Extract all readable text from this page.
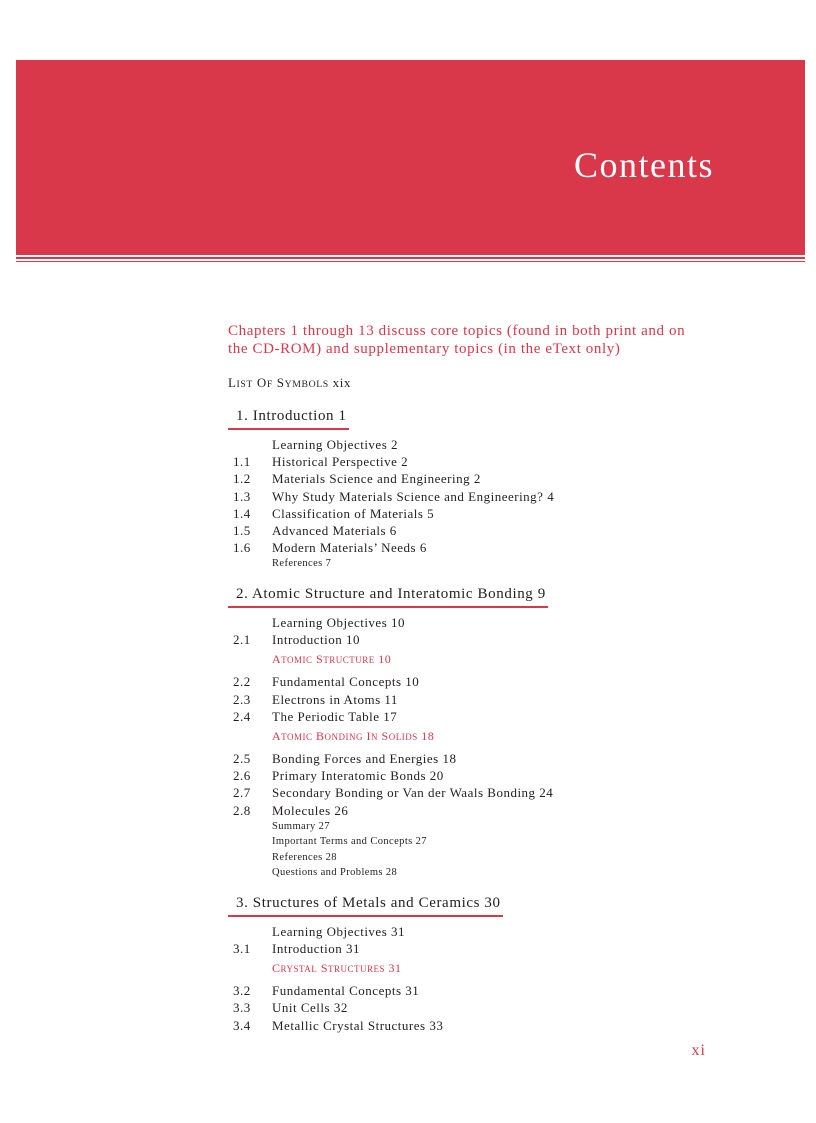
Contents
Chapters 1 through 13 discuss core topics (found in both print and on the CD-ROM) and supplementary topics (in the eText only)
LIST OF SYMBOLS xix
1. Introduction 1
Learning Objectives 2
1.1	Historical Perspective 2
1.2	Materials Science and Engineering 2
1.3	Why Study Materials Science and Engineering? 4
1.4	Classification of Materials 5
1.5	Advanced Materials 6
1.6	Modern Materials’ Needs 6
References 7
2. Atomic Structure and Interatomic Bonding 9
Learning Objectives 10
2.1	Introduction 10
ATOMIC STRUCTURE 10
2.2	Fundamental Concepts 10
2.3	Electrons in Atoms 11
2.4	The Periodic Table 17
ATOMIC BONDING IN SOLIDS 18
2.5	Bonding Forces and Energies 18
2.6	Primary Interatomic Bonds 20
2.7	Secondary Bonding or Van der Waals Bonding 24
2.8	Molecules 26
Summary 27
Important Terms and Concepts 27
References 28
Questions and Problems 28
3. Structures of Metals and Ceramics 30
Learning Objectives 31
3.1	Introduction 31
CRYSTAL STRUCTURES 31
3.2	Fundamental Concepts 31
3.3	Unit Cells 32
3.4	Metallic Crystal Structures 33
xi
